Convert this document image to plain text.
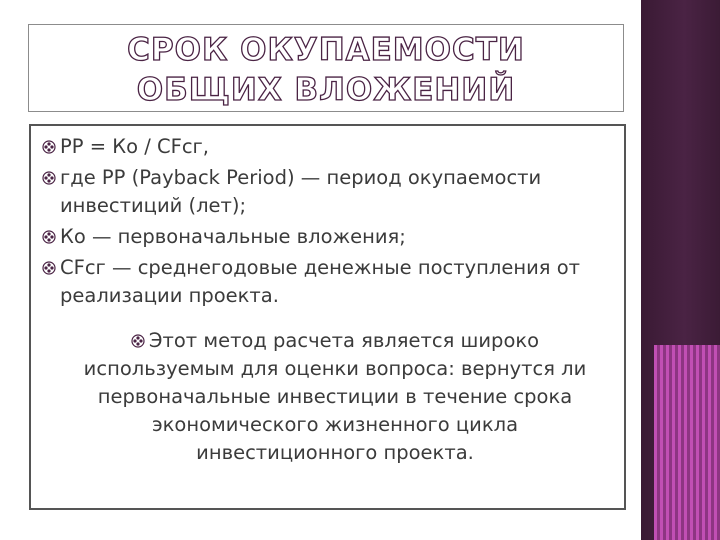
СРОК ОКУПАЕМОСТИ
ОБЩИХ ВЛОЖЕНИЙ
PP = Ко / CFcг,
где PP (Payback Period) — период окупаемости инвестиций (лет);
Ко — первоначальные вложения;
CFcг — среднегодовые денежные поступления от реализации проекта.
Этот метод расчета является широко используемым для оценки вопроса: вернутся ли первоначальные инвестиции в течение срока экономического жизненного цикла инвестиционного проекта.
